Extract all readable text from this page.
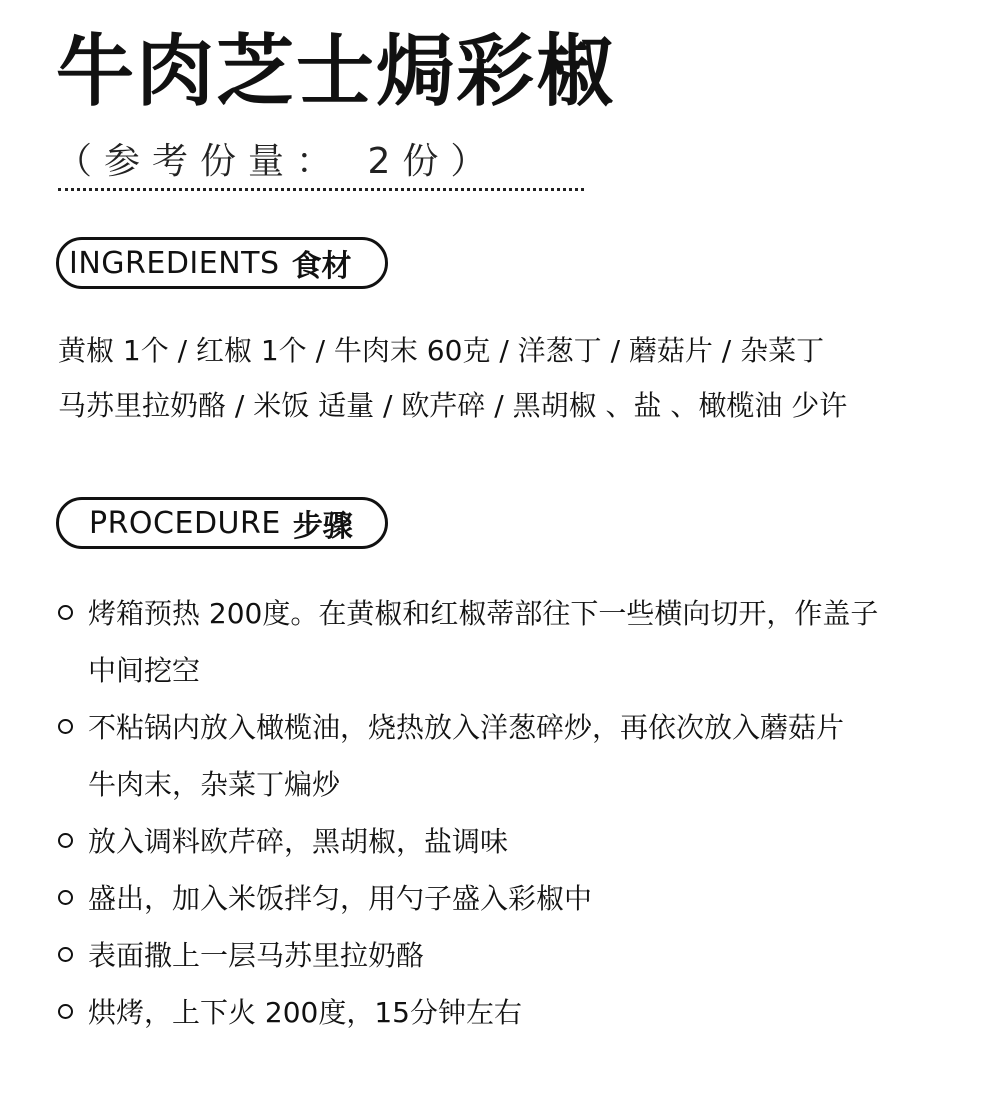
牛肉芝士焗彩椒
（参考份量： 2份）
INGREDIENTS 食材
黄椒 1个 / 红椒 1个 / 牛肉末 60克 / 洋葱丁 / 蘑菇片 / 杂菜丁
马苏里拉奶酪 / 米饭 适量 / 欧芹碎 / 黑胡椒 、盐 、橄榄油 少许
PROCEDURE 步骤
烤箱预热 200度。在黄椒和红椒蒂部往下一些横向切开，作盖子
中间挖空
不粘锅内放入橄榄油，烧热放入洋葱碎炒，再依次放入蘑菇片
牛肉末，杂菜丁煸炒
放入调料欧芹碎，黑胡椒，盐调味
盛出，加入米饭拌匀，用勺子盛入彩椒中
表面撒上一层马苏里拉奶酪
烘烤，上下火 200度，15分钟左右
